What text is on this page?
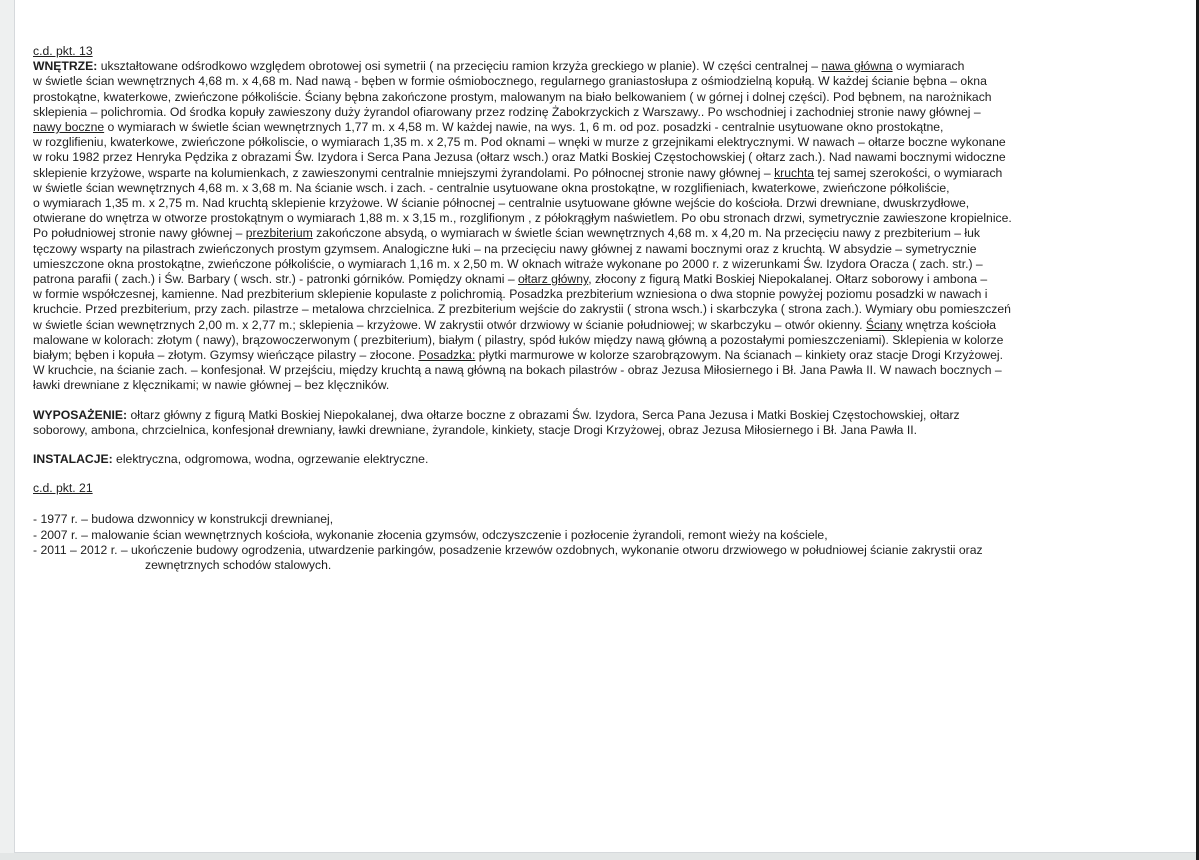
c.d. pkt. 13
WNĘTRZE: ukształtowane odśrodkowo względem obrotowej osi symetrii ( na przecięciu ramion krzyża greckiego w planie). W części centralnej – nawa główna o wymiarach
w świetle ścian wewnętrznych 4,68 m. x 4,68 m. Nad nawą - bęben w formie ośmiobocznego, regularnego graniastosłupa z ośmiodzielną kopułą. W każdej ścianie bębna – okna
prostokątne, kwaterkowe, zwieńczone półkoliście. Ściany bębna zakończone prostym, malowanym na biało belkowaniem ( w górnej i dolnej części). Pod bębnem, na narożnikach
sklepienia – polichromia. Od środka kopuły zawieszony duży żyrandol ofiarowany przez rodzinę Żabokrzyckich z Warszawy.. Po wschodniej i zachodniej stronie nawy głównej –
nawy boczne o wymiarach w świetle ścian wewnętrznych 1,77 m. x 4,58 m. W każdej nawie, na wys. 1, 6 m. od poz. posadzki - centralnie usytuowane okno prostokątne,
w rozglifieniu, kwaterkowe, zwieńczone półkoliscie, o wymiarach 1,35 m. x 2,75 m. Pod oknami – wnęki w murze z grzejnikami elektrycznymi. W nawach – ołtarze boczne wykonane
w roku 1982 przez Henryka Pędzika z obrazami Św. Izydora i Serca Pana Jezusa (ołtarz wsch.) oraz Matki Boskiej Częstochowskiej ( ołtarz zach.). Nad nawami bocznymi widoczne
sklepienie krzyżowe, wsparte na kolumienkach, z zawieszonymi centralnie mniejszymi żyrandolami. Po północnej stronie nawy głównej – kruchta tej samej szerokości, o wymiarach
w świetle ścian wewnętrznych 4,68 m. x 3,68 m. Na ścianie wsch. i zach. - centralnie usytuowane okna prostokątne, w rozglifieniach, kwaterkowe, zwieńczone półkoliście,
o wymiarach 1,35 m. x 2,75 m. Nad kruchtą sklepienie krzyżowe. W ścianie północnej – centralnie usytuowane główne wejście do kościoła. Drzwi drewniane, dwuskrzydłowe,
otwierane do wnętrza w otworze prostokątnym o wymiarach 1,88 m. x 3,15 m., rozglifionym , z półokrągłym naświetlem. Po obu stronach drzwi, symetrycznie zawieszone kropielnice.
Po południowej stronie nawy głównej – prezbiterium zakończone absydą, o wymiarach w świetle ścian wewnętrznych 4,68 m. x 4,20 m. Na przecięciu nawy z prezbiterium – łuk
tęczowy wsparty na pilastrach zwieńczonych prostym gzymsem. Analogiczne łuki – na przecięciu nawy głównej z nawami bocznymi oraz z kruchtą. W absydzie – symetrycznie
umieszczone okna prostokątne, zwieńczone półkoliście, o wymiarach 1,16 m. x 2,50 m. W oknach witraże wykonane po 2000 r. z wizerunkami Św. Izydora Oracza ( zach. str.) –
patrona parafii ( zach.) i Św. Barbary ( wsch. str.) - patronki górników. Pomiędzy oknami – ołtarz główny, złocony z figurą Matki Boskiej Niepokalanej. Ołtarz soborowy i ambona –
w formie współczesnej, kamienne. Nad prezbiterium sklepienie kopulaste z polichromią. Posadzka prezbiterium wzniesiona o dwa stopnie powyżej poziomu posadzki w nawach i
kruchcie. Przed prezbiterium, przy zach. pilastrze – metalowa chrzcielnica. Z prezbiterium wejście do zakrystii ( strona wsch.) i skarbczyka ( strona zach.). Wymiary obu pomieszczeń
w świetle ścian wewnętrznych 2,00 m. x 2,77 m.; sklepienia – krzyżowe. W zakrystii otwór drzwiowy w ścianie południowej; w skarbczyku – otwór okienny. Ściany wnętrza kościoła
malowane w kolorach: złotym ( nawy), brązowoczerwonym ( prezbiterium), białym ( pilastry, spód łuków między nawą główną a pozostałymi pomieszczeniami). Sklepienia w kolorze
białym; bęben i kopuła – złotym. Gzymsy wieńczące pilastry – złocone. Posadzka: płytki marmurowe w kolorze szarobrązowym. Na ścianach – kinkiety oraz stacje Drogi Krzyżowej.
W kruchcie, na ścianie zach. – konfesjonał. W przejściu, między kruchtą a nawą główną na bokach pilastrów - obraz Jezusa Miłosiernego i Bł. Jana Pawła II. W nawach bocznych –
ławki drewniane z klęcznikami; w nawie głównej – bez klęczników.
WYPOSAŻENIE: ołtarz główny z figurą Matki Boskiej Niepokalanej, dwa ołtarze boczne z obrazami Św. Izydora, Serca Pana Jezusa i Matki Boskiej Częstochowskiej, ołtarz
soborowy, ambona, chrzcielnica, konfesjonał drewniany, ławki drewniane, żyrandole, kinkiety, stacje Drogi Krzyżowej, obraz Jezusa Miłosiernego i Bł. Jana Pawła II.
INSTALACJE: elektryczna, odgromowa, wodna, ogrzewanie elektryczne.
c.d. pkt. 21
- 1977 r. – budowa dzwonnicy w konstrukcji drewnianej,
- 2007 r. – malowanie ścian wewnętrznych kościoła, wykonanie złocenia gzymsów, odczyszczenie i pozłocenie żyrandoli, remont wieży na kościele,
- 2011 – 2012 r. – ukończenie budowy ogrodzenia, utwardzenie parkingów, posadzenie krzewów ozdobnych, wykonanie otworu drzwiowego w południowej ścianie zakrystii oraz
zewnętrznych schodów stalowych.
